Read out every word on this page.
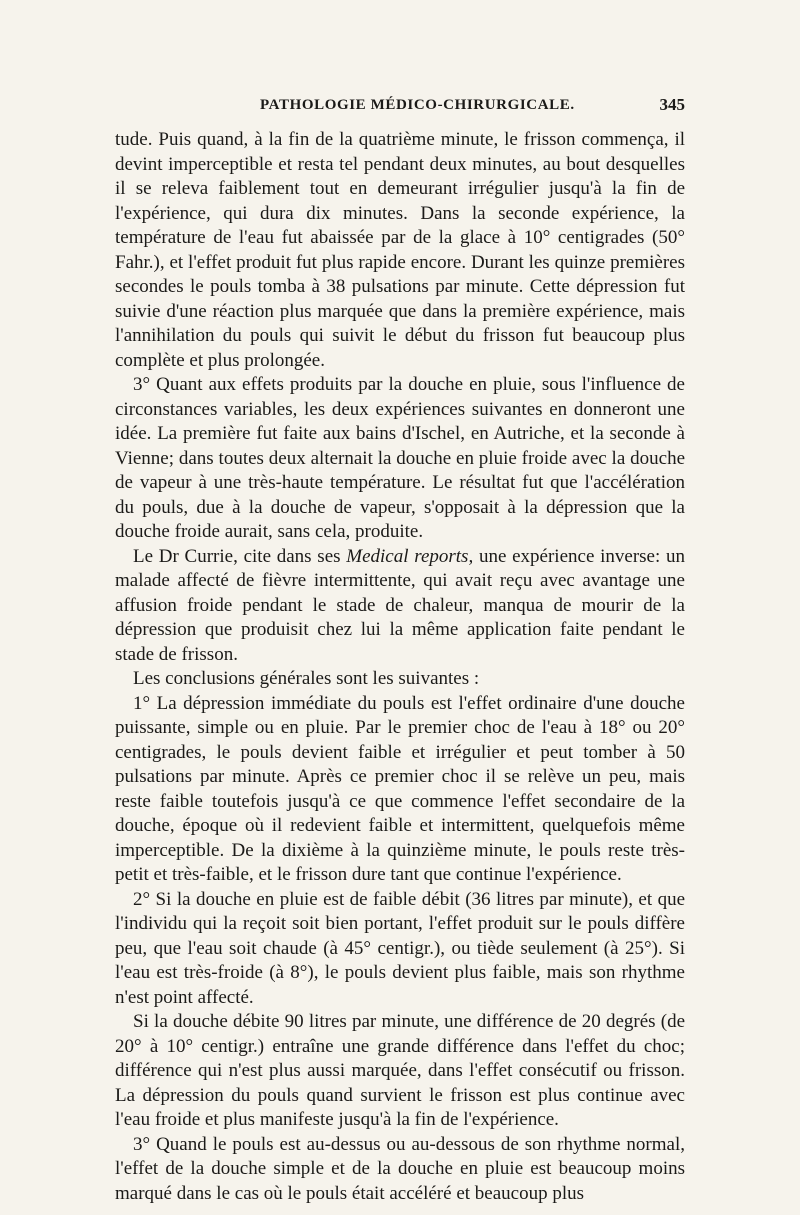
PATHOLOGIE MÉDICO-CHIRURGICALE.	345

tude. Puis quand, à la fin de la quatrième minute, le frisson commença, il devint imperceptible et resta tel pendant deux minutes, au bout desquelles il se releva faiblement tout en demeurant irrégulier jusqu'à la fin de l'expérience, qui dura dix minutes. Dans la seconde expérience, la température de l'eau fut abaissée par de la glace à 10° centigrades (50° Fahr.), et l'effet produit fut plus rapide encore. Durant les quinze premières secondes le pouls tomba à 38 pulsations par minute. Cette dépression fut suivie d'une réaction plus marquée que dans la première expérience, mais l'annihilation du pouls qui suivit le début du frisson fut beaucoup plus complète et plus prolongée.

3° Quant aux effets produits par la douche en pluie, sous l'influence de circonstances variables, les deux expériences suivantes en donneront une idée. La première fut faite aux bains d'Ischel, en Autriche, et la seconde à Vienne; dans toutes deux alternait la douche en pluie froide avec la douche de vapeur à une très-haute température. Le résultat fut que l'accélération du pouls, due à la douche de vapeur, s'opposait à la dépression que la douche froide aurait, sans cela, produite.

Le Dr Currie, cite dans ses Medical reports, une expérience inverse: un malade affecté de fièvre intermittente, qui avait reçu avec avantage une affusion froide pendant le stade de chaleur, manqua de mourir de la dépression que produisit chez lui la même application faite pendant le stade de frisson.

Les conclusions générales sont les suivantes :

1° La dépression immédiate du pouls est l'effet ordinaire d'une douche puissante, simple ou en pluie. Par le premier choc de l'eau à 18° ou 20° centigrades, le pouls devient faible et irrégulier et peut tomber à 50 pulsations par minute. Après ce premier choc il se relève un peu, mais reste faible toutefois jusqu'à ce que commence l'effet secondaire de la douche, époque où il redevient faible et intermittent, quelquefois même imperceptible. De la dixième à la quinzième minute, le pouls reste très-petit et très-faible, et le frisson dure tant que continue l'expérience.

2° Si la douche en pluie est de faible débit (36 litres par minute), et que l'individu qui la reçoit soit bien portant, l'effet produit sur le pouls diffère peu, que l'eau soit chaude (à 45° centigr.), ou tiède seulement (à 25°). Si l'eau est très-froide (à 8°), le pouls devient plus faible, mais son rhythme n'est point affecté.

Si la douche débite 90 litres par minute, une différence de 20 degrés (de 20° à 10° centigr.) entraîne une grande différence dans l'effet du choc; différence qui n'est plus aussi marquée, dans l'effet consécutif ou frisson. La dépression du pouls quand survient le frisson est plus continue avec l'eau froide et plus manifeste jusqu'à la fin de l'expérience.

3° Quand le pouls est au-dessus ou au-dessous de son rhythme normal, l'effet de la douche simple et de la douche en pluie est beaucoup moins marqué dans le cas où le pouls était accéléré et beaucoup plus
